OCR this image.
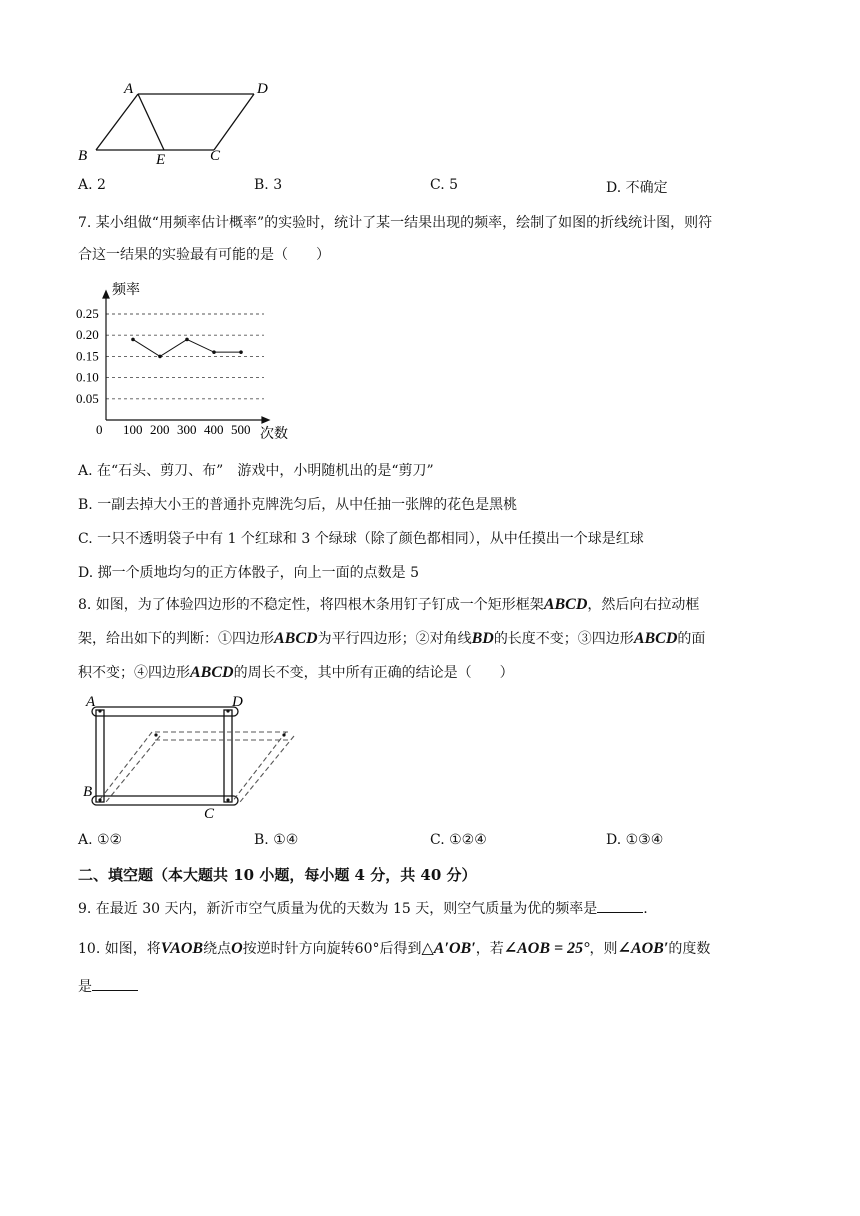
A	D
B	E	C
A. 2	B. 3	C. 5	D. 不确定
7. 某小组做“用频率估计概率”的实验时，统计了某一结果出现的频率，绘制了如图的折线统计图，则符
合这一结果的实验最有可能的是（　　）
0.05
0.10
0.15
0.20
0.25
100 200 300 400 500
频率
次数
0
A. 在“石头、剪刀、布”　游戏中，小明随机出的是“剪刀”
B. 一副去掉大小王的普通扑克牌洗匀后，从中任抽一张牌的花色是黑桃
C. 一只不透明袋子中有 1 个红球和 3 个绿球（除了颜色都相同），从中任摸出一个球是红球
D. 掷一个质地均匀的正方体骰子，向上一面的点数是 5
8. 如图，为了体验四边形的不稳定性，将四根木条用钉子钉成一个矩形框架ABCD，然后向右拉动框
架，给出如下的判断：①四边形ABCD为平行四边形；②对角线BD的长度不变；③四边形ABCD的面
积不变；④四边形ABCD的周长不变，其中所有正确的结论是（　　）
A	D
B
C
A. ①②	B. ①④	C. ①②④	D. ①③④
二、填空题（本大题共 10 小题，每小题 4 分，共 40 分）
9. 在最近 30 天内，新沂市空气质量为优的天数为 15 天，则空气质量为优的频率是	.
10. 如图，将VAOB绕点O按逆时针方向旋转60°后得到△A′OB′，若∠AOB = 25°，则∠AOB′的度数
是
